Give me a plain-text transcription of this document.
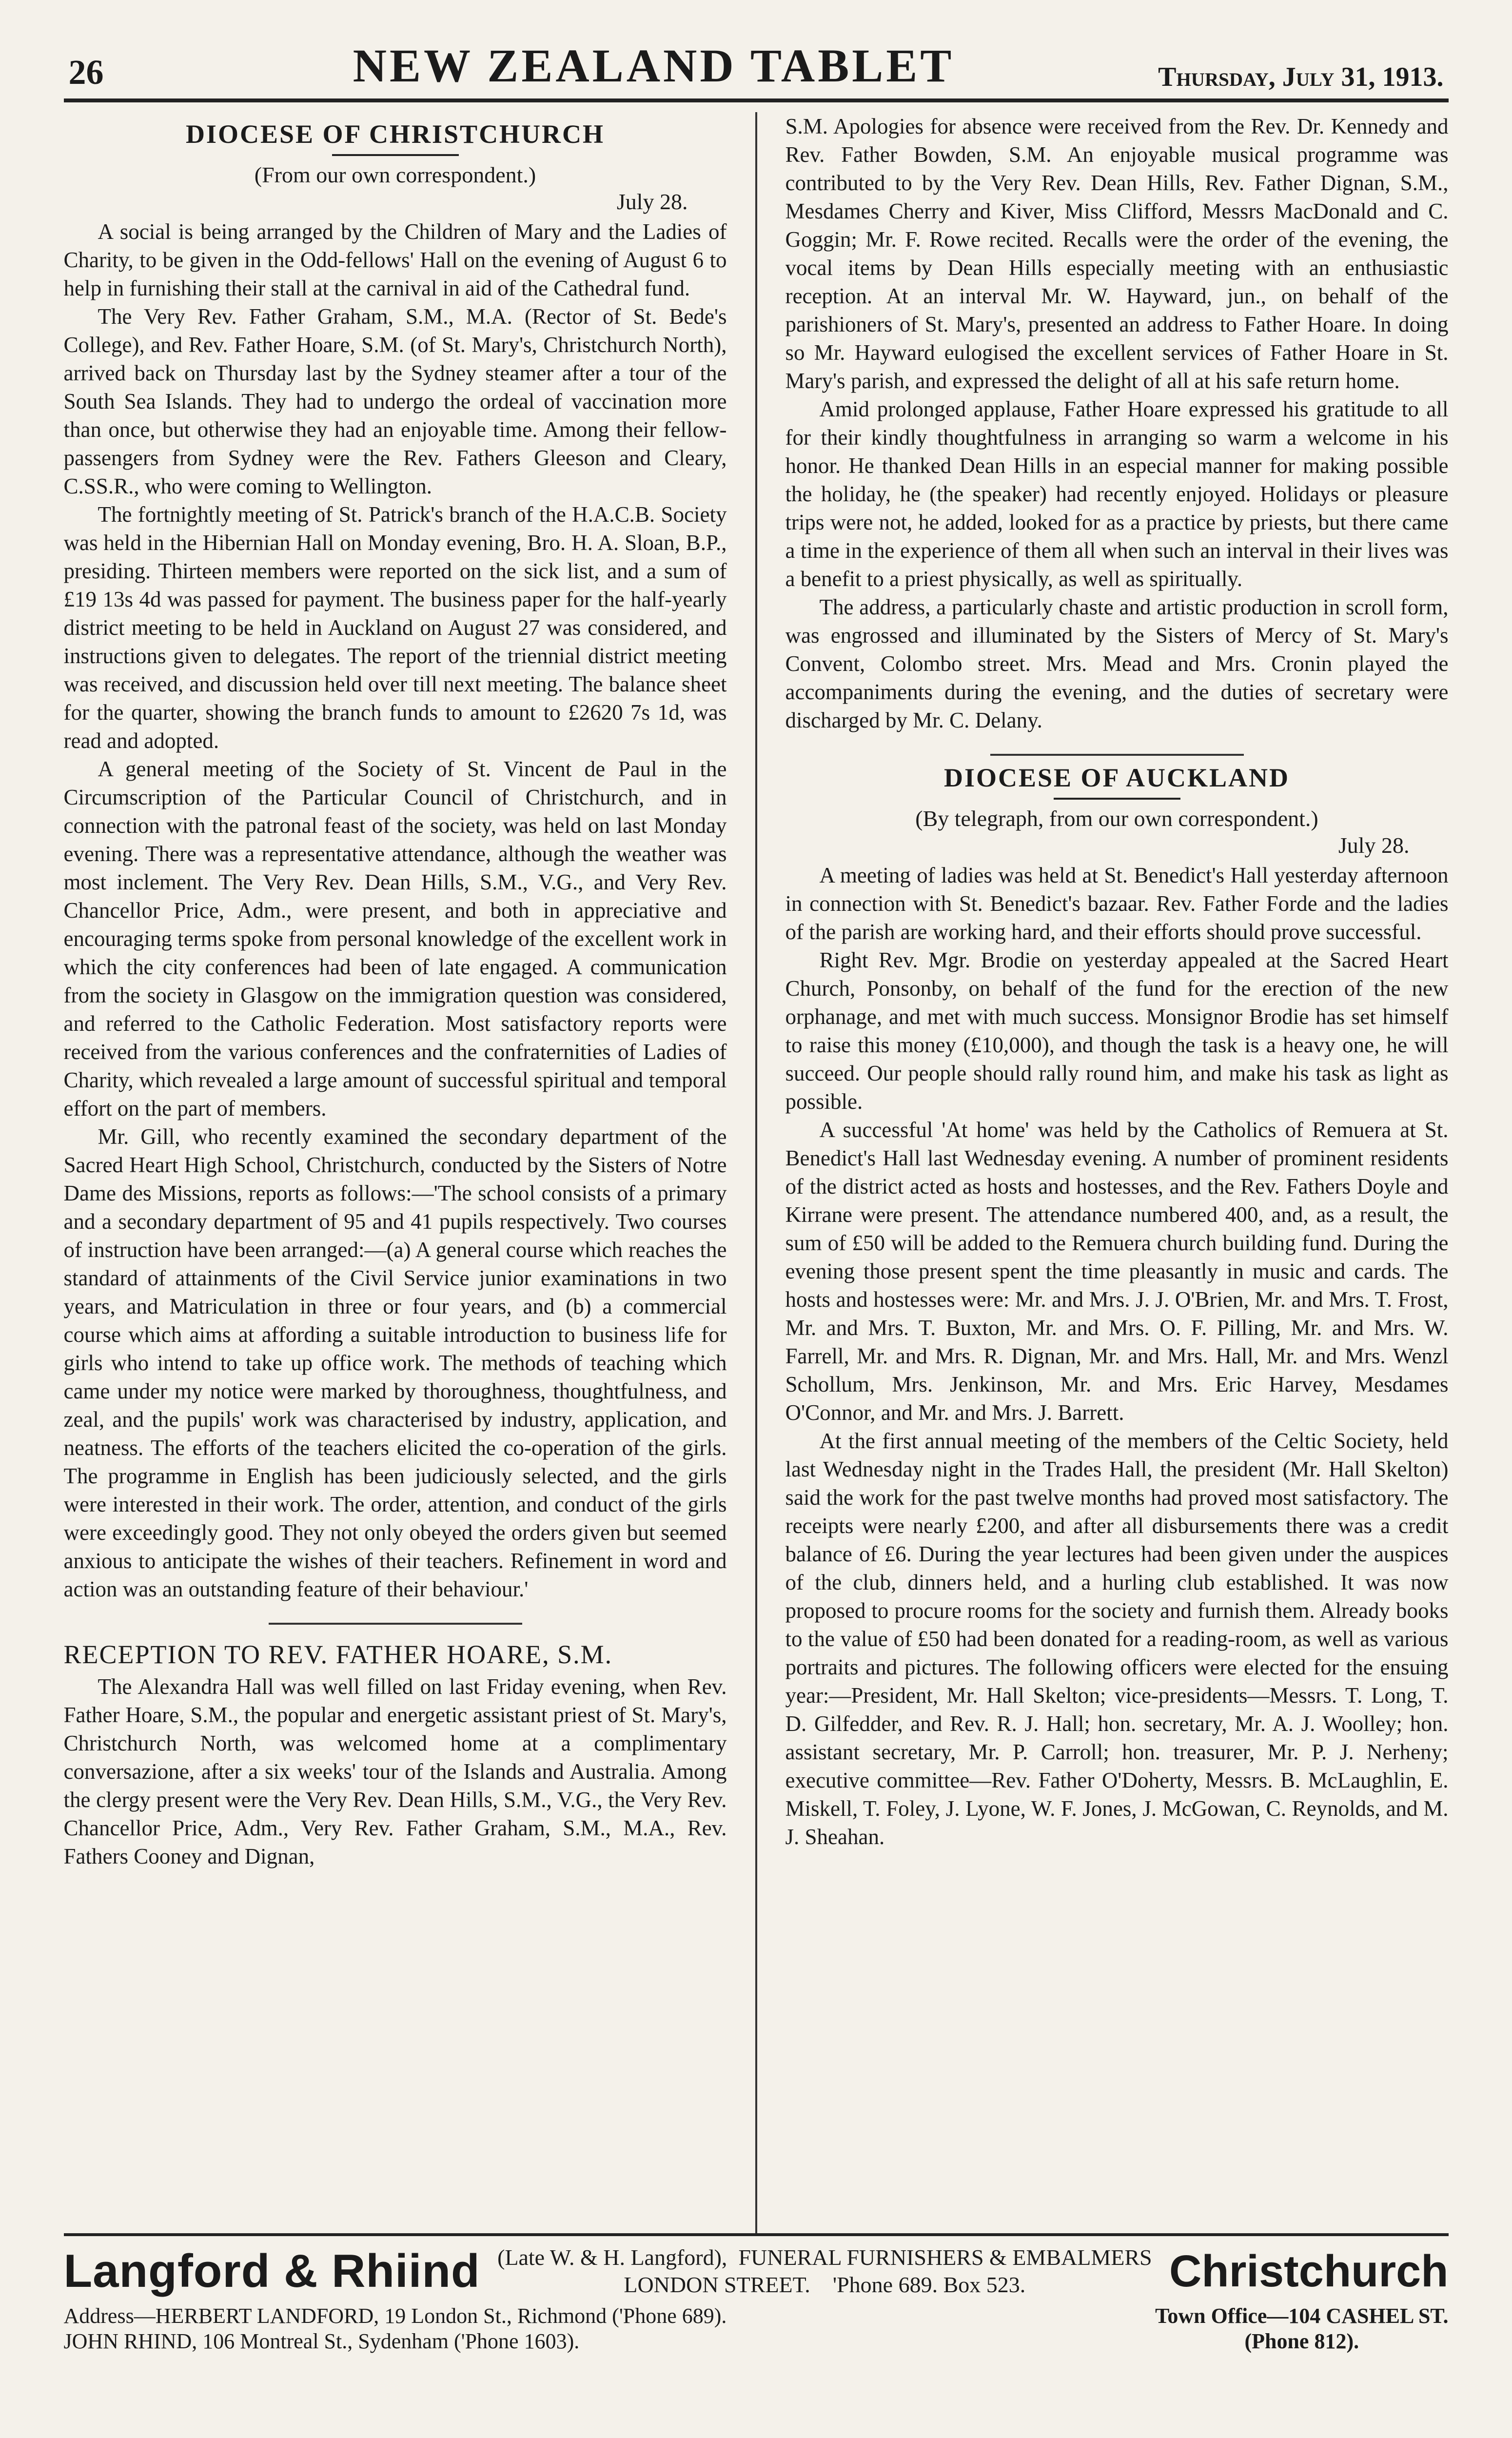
26	NEW ZEALAND TABLET	Thursday, July 31, 1913.
DIOCESE OF CHRISTCHURCH
(From our own correspondent.)
July 28.

A social is being arranged by the Children of Mary and the Ladies of Charity, to be given in the Odd-fellows' Hall on the evening of August 6 to help in furnishing their stall at the carnival in aid of the Cathedral fund.

The Very Rev. Father Graham, S.M., M.A. (Rector of St. Bede's College), and Rev. Father Hoare, S.M. (of St. Mary's, Christchurch North), arrived back on Thursday last by the Sydney steamer after a tour of the South Sea Islands. They had to undergo the ordeal of vaccination more than once, but otherwise they had an enjoyable time. Among their fellow-passengers from Sydney were the Rev. Fathers Gleeson and Cleary, C.SS.R., who were coming to Wellington.

The fortnightly meeting of St. Patrick's branch of the H.A.C.B. Society was held in the Hibernian Hall on Monday evening, Bro. H. A. Sloan, B.P., presiding. Thirteen members were reported on the sick list, and a sum of £19 13s 4d was passed for payment. The business paper for the half-yearly district meeting to be held in Auckland on August 27 was considered, and instructions given to delegates. The report of the triennial district meeting was received, and discussion held over till next meeting. The balance sheet for the quarter, showing the branch funds to amount to £2620 7s 1d, was read and adopted.

A general meeting of the Society of St. Vincent de Paul in the Circumscription of the Particular Council of Christchurch, and in connection with the patronal feast of the society, was held on last Monday evening. There was a representative attendance, although the weather was most inclement. The Very Rev. Dean Hills, S.M., V.G., and Very Rev. Chancellor Price, Adm., were present, and both in appreciative and encouraging terms spoke from personal knowledge of the excellent work in which the city conferences had been of late engaged. A communication from the society in Glasgow on the immigration question was considered, and referred to the Catholic Federation. Most satisfactory reports were received from the various conferences and the confraternities of Ladies of Charity, which revealed a large amount of successful spiritual and temporal effort on the part of members.

Mr. Gill, who recently examined the secondary department of the Sacred Heart High School, Christchurch, conducted by the Sisters of Notre Dame des Missions, reports as follows:—'The school consists of a primary and a secondary department of 95 and 41 pupils respectively. Two courses of instruction have been arranged:—(a) A general course which reaches the standard of attainments of the Civil Service junior examinations in two years, and Matriculation in three or four years, and (b) a commercial course which aims at affording a suitable introduction to business life for girls who intend to take up office work. The methods of teaching which came under my notice were marked by thoroughness, thoughtfulness, and zeal, and the pupils' work was characterised by industry, application, and neatness. The efforts of the teachers elicited the co-operation of the girls. The programme in English has been judiciously selected, and the girls were interested in their work. The order, attention, and conduct of the girls were exceedingly good. They not only obeyed the orders given but seemed anxious to anticipate the wishes of their teachers. Refinement in word and action was an outstanding feature of their behaviour.'

RECEPTION TO REV. FATHER HOARE, S.M.

The Alexandra Hall was well filled on last Friday evening, when Rev. Father Hoare, S.M., the popular and energetic assistant priest of St. Mary's, Christchurch North, was welcomed home at a complimentary conversazione, after a six weeks' tour of the Islands and Australia. Among the clergy present were the Very Rev. Dean Hills, S.M., V.G., the Very Rev. Chancellor Price, Adm., Very Rev. Father Graham, S.M., M.A., Rev. Fathers Cooney and Dignan,

S.M. Apologies for absence were received from the Rev. Dr. Kennedy and Rev. Father Bowden, S.M. An enjoyable musical programme was contributed to by the Very Rev. Dean Hills, Rev. Father Dignan, S.M., Mesdames Cherry and Kiver, Miss Clifford, Messrs MacDonald and C. Goggin; Mr. F. Rowe recited. Recalls were the order of the evening, the vocal items by Dean Hills especially meeting with an enthusiastic reception. At an interval Mr. W. Hayward, jun., on behalf of the parishioners of St. Mary's, presented an address to Father Hoare. In doing so Mr. Hayward eulogised the excellent services of Father Hoare in St. Mary's parish, and expressed the delight of all at his safe return home.

Amid prolonged applause, Father Hoare expressed his gratitude to all for their kindly thoughtfulness in arranging so warm a welcome in his honor. He thanked Dean Hills in an especial manner for making possible the holiday, he (the speaker) had recently enjoyed. Holidays or pleasure trips were not, he added, looked for as a practice by priests, but there came a time in the experience of them all when such an interval in their lives was a benefit to a priest physically, as well as spiritually.

The address, a particularly chaste and artistic production in scroll form, was engrossed and illuminated by the Sisters of Mercy of St. Mary's Convent, Colombo street. Mrs. Mead and Mrs. Cronin played the accompaniments during the evening, and the duties of secretary were discharged by Mr. C. Delany.

DIOCESE OF AUCKLAND
(By telegraph, from our own correspondent.)
July 28.

A meeting of ladies was held at St. Benedict's Hall yesterday afternoon in connection with St. Benedict's bazaar. Rev. Father Forde and the ladies of the parish are working hard, and their efforts should prove successful.

Right Rev. Mgr. Brodie on yesterday appealed at the Sacred Heart Church, Ponsonby, on behalf of the fund for the erection of the new orphanage, and met with much success. Monsignor Brodie has set himself to raise this money (£10,000), and though the task is a heavy one, he will succeed. Our people should rally round him, and make his task as light as possible.

A successful 'At home' was held by the Catholics of Remuera at St. Benedict's Hall last Wednesday evening. A number of prominent residents of the district acted as hosts and hostesses, and the Rev. Fathers Doyle and Kirrane were present. The attendance numbered 400, and, as a result, the sum of £50 will be added to the Remuera church building fund. During the evening those present spent the time pleasantly in music and cards. The hosts and hostesses were: Mr. and Mrs. J. J. O'Brien, Mr. and Mrs. T. Frost, Mr. and Mrs. T. Buxton, Mr. and Mrs. O. F. Pilling, Mr. and Mrs. W. Farrell, Mr. and Mrs. R. Dignan, Mr. and Mrs. Hall, Mr. and Mrs. Wenzl Schollum, Mrs. Jenkinson, Mr. and Mrs. Eric Harvey, Mesdames O'Connor, and Mr. and Mrs. J. Barrett.

At the first annual meeting of the members of the Celtic Society, held last Wednesday night in the Trades Hall, the president (Mr. Hall Skelton) said the work for the past twelve months had proved most satisfactory. The receipts were nearly £200, and after all disbursements there was a credit balance of £6. During the year lectures had been given under the auspices of the club, dinners held, and a hurling club established. It was now proposed to procure rooms for the society and furnish them. Already books to the value of £50 had been donated for a reading-room, as well as various portraits and pictures. The following officers were elected for the ensuing year:—President, Mr. Hall Skelton; vice-presidents—Messrs. T. Long, T. D. Gilfedder, and Rev. R. J. Hall; hon. secretary, Mr. A. J. Woolley; hon. assistant secretary, Mr. P. Carroll; hon. treasurer, Mr. P. J. Nerheny; executive committee—Rev. Father O'Doherty, Messrs. B. McLaughlin, E. Miskell, T. Foley, J. Lyone, W. F. Jones, J. McGowan, C. Reynolds, and M. J. Sheahan.

Langford & Rhiind (Late W. & H. Langford), FUNERAL FURNISHERS & EMBALMERS
LONDON STREET. 'Phone 689. Box 523.	Christchurch
Address—HERBERT LANDFORD, 19 London St., Richmond ('Phone 689).
JOHN RHIND, 106 Montreal St., Sydenham ('Phone 1603).
Town Office—104 CASHEL ST.
(Phone 812).
